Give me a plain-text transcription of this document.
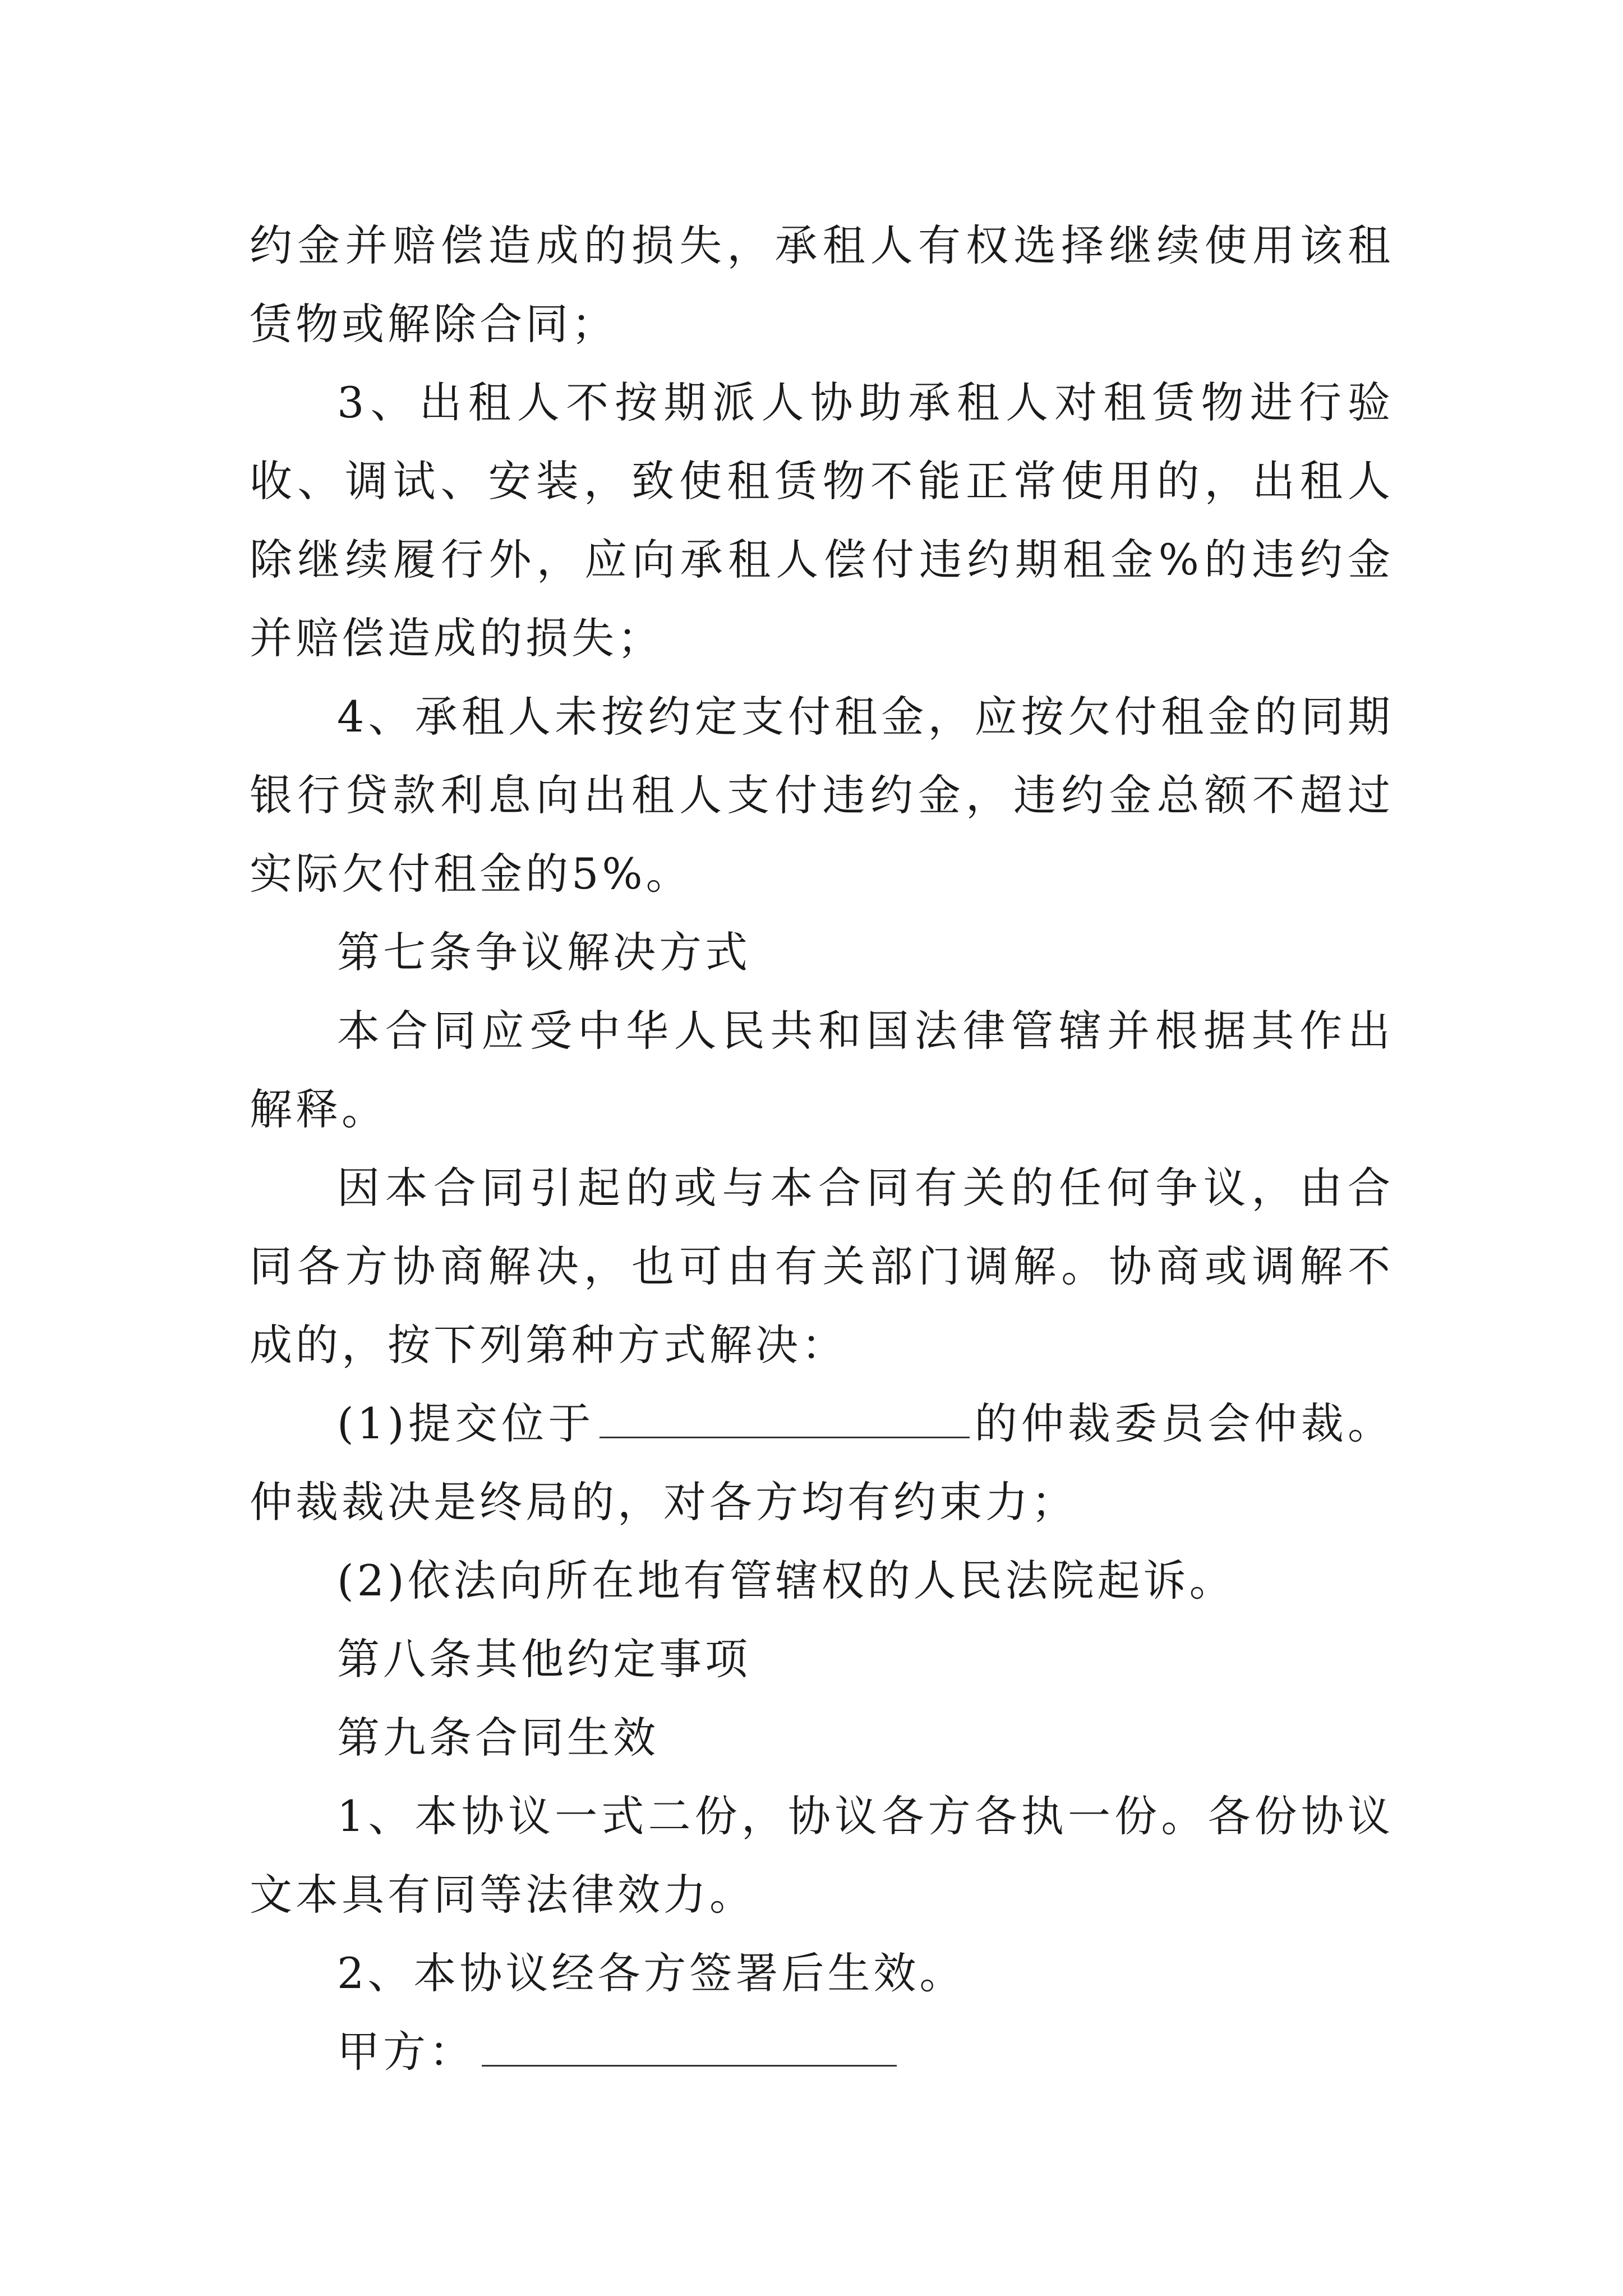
约金并赔偿造成的损失，承租人有权选择继续使用该租赁物或解除合同；

3、出租人不按期派人协助承租人对租赁物进行验收、调试、安装，致使租赁物不能正常使用的，出租人除继续履行外，应向承租人偿付违约期租金%的违约金并赔偿造成的损失；

4、承租人未按约定支付租金，应按欠付租金的同期银行贷款利息向出租人支付违约金，违约金总额不超过实际欠付租金的5%。

第七条争议解决方式

本合同应受中华人民共和国法律管辖并根据其作出解释。

因本合同引起的或与本合同有关的任何争议，由合同各方协商解决，也可由有关部门调解。协商或调解不成的，按下列第种方式解决：

(1)提交位于	的仲裁委员会仲裁。仲裁裁决是终局的，对各方均有约束力；

(2)依法向所在地有管辖权的人民法院起诉。

第八条其他约定事项

第九条合同生效

1、本协议一式二份，协议各方各执一份。各份协议文本具有同等法律效力。

2、本协议经各方签署后生效。

甲方：
